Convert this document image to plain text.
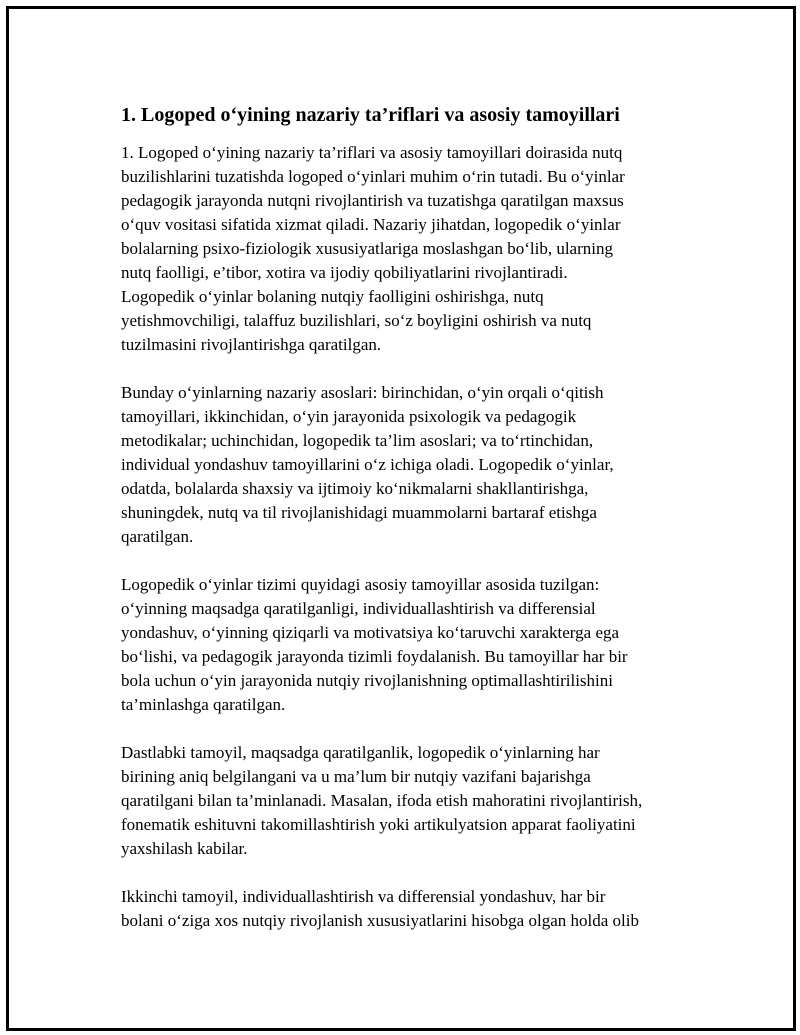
1. Logoped o‘yining nazariy ta’riflari va asosiy tamoyillari

1. Logoped o‘yining nazariy ta’riflari va asosiy tamoyillari doirasida nutq
buzilishlarini tuzatishda logoped o‘yinlari muhim o‘rin tutadi. Bu o‘yinlar
pedagogik jarayonda nutqni rivojlantirish va tuzatishga qaratilgan maxsus
o‘quv vositasi sifatida xizmat qiladi. Nazariy jihatdan, logopedik o‘yinlar
bolalarning psixo-fiziologik xususiyatlariga moslashgan bo‘lib, ularning
nutq faolligi, e’tibor, xotira va ijodiy qobiliyatlarini rivojlantiradi.
Logopedik o‘yinlar bolaning nutqiy faolligini oshirishga, nutq
yetishmovchiligi, talaffuz buzilishlari, so‘z boyligini oshirish va nutq
tuzilmasini rivojlantirishga qaratilgan.

Bunday o‘yinlarning nazariy asoslari: birinchidan, o‘yin orqali o‘qitish
tamoyillari, ikkinchidan, o‘yin jarayonida psixologik va pedagogik
metodikalar; uchinchidan, logopedik ta’lim asoslari; va to‘rtinchidan,
individual yondashuv tamoyillarini o‘z ichiga oladi. Logopedik o‘yinlar,
odatda, bolalarda shaxsiy va ijtimoiy ko‘nikmalarni shakllantirishga,
shuningdek, nutq va til rivojlanishidagi muammolarni bartaraf etishga
qaratilgan.

Logopedik o‘yinlar tizimi quyidagi asosiy tamoyillar asosida tuzilgan:
o‘yinning maqsadga qaratilganligi, individuallashtirish va differensial
yondashuv, o‘yinning qiziqarli va motivatsiya ko‘taruvchi xarakterga ega
bo‘lishi, va pedagogik jarayonda tizimli foydalanish. Bu tamoyillar har bir
bola uchun o‘yin jarayonida nutqiy rivojlanishning optimallashtirilishini
ta’minlashga qaratilgan.

Dastlabki tamoyil, maqsadga qaratilganlik, logopedik o‘yinlarning har
birining aniq belgilangani va u ma’lum bir nutqiy vazifani bajarishga
qaratilgani bilan ta’minlanadi. Masalan, ifoda etish mahoratini rivojlantirish,
fonematik eshituvni takomillashtirish yoki artikulyatsion apparat faoliyatini
yaxshilash kabilar.

Ikkinchi tamoyil, individuallashtirish va differensial yondashuv, har bir
bolani o‘ziga xos nutqiy rivojlanish xususiyatlarini hisobga olgan holda olib
